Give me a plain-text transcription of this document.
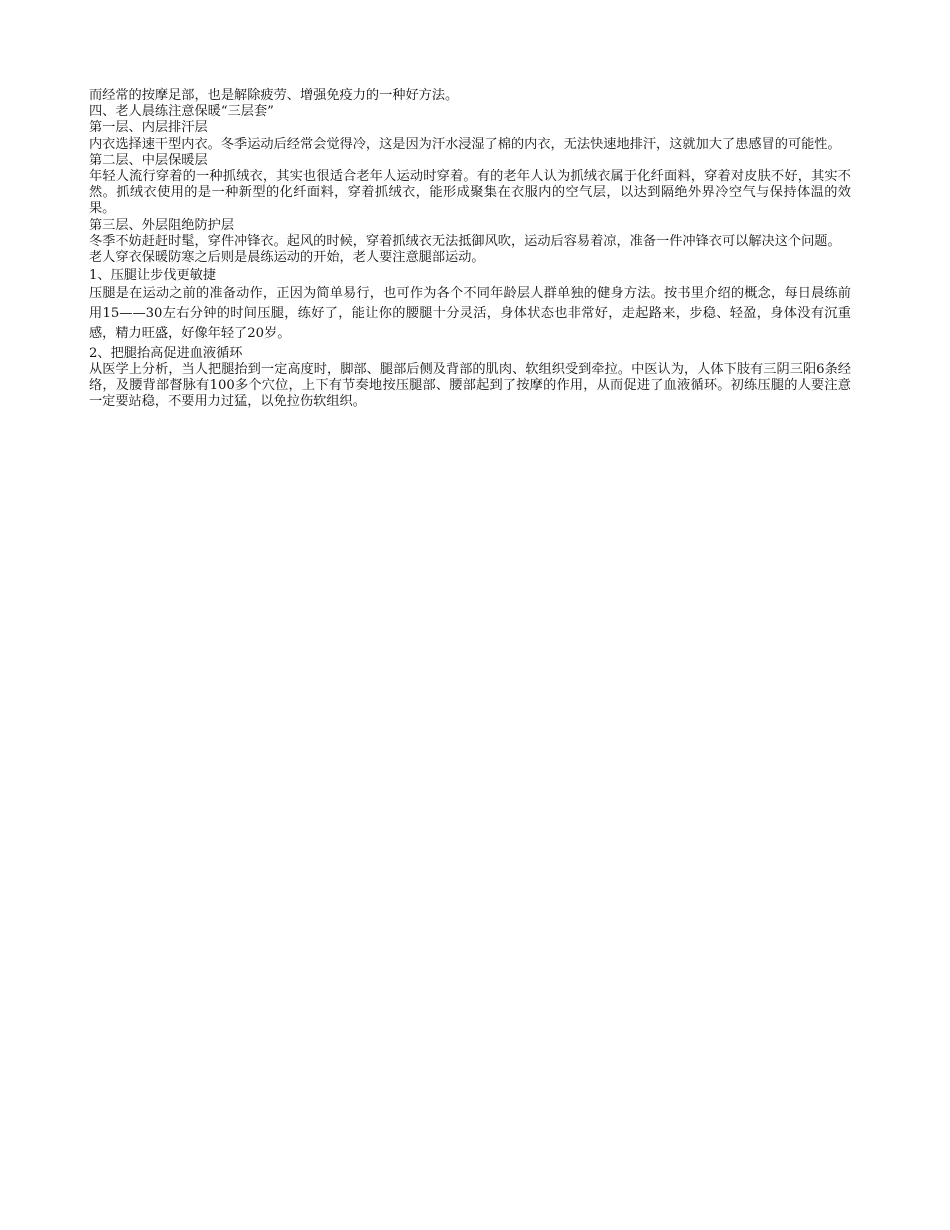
而经常的按摩足部，也是解除疲劳、增强免疫力的一种好方法。

四、老人晨练注意保暖“三层套”

第一层、内层排汗层

内衣选择速干型内衣。冬季运动后经常会觉得冷，这是因为汗水浸湿了棉的内衣，无法快速地排汗，这就加大了患感冒的可能性。

第二层、中层保暖层

年轻人流行穿着的一种抓绒衣，其实也很适合老年人运动时穿着。有的老年人认为抓绒衣属于化纤面料，穿着对皮肤不好，其实不然。抓绒衣使用的是一种新型的化纤面料，穿着抓绒衣，能形成聚集在衣服内的空气层，以达到隔绝外界冷空气与保持体温的效果。

第三层、外层阻绝防护层

冬季不妨赶赶时髦，穿件冲锋衣。起风的时候，穿着抓绒衣无法抵御风吹，运动后容易着凉，准备一件冲锋衣可以解决这个问题。

老人穿衣保暖防寒之后则是晨练运动的开始，老人要注意腿部运动。

1、压腿让步伐更敏捷

压腿是在运动之前的准备动作，正因为简单易行，也可作为各个不同年龄层人群单独的健身方法。按书里介绍的概念，每日晨练前用15——30左右分钟的时间压腿，练好了，能让你的腰腿十分灵活，身体状态也非常好，走起路来，步稳、轻盈，身体没有沉重感，精力旺盛，好像年轻了20岁。

2、把腿抬高促进血液循环

从医学上分析，当人把腿抬到一定高度时，脚部、腿部后侧及背部的肌肉、软组织受到牵拉。中医认为，人体下肢有三阴三阳6条经络，及腰背部督脉有100多个穴位，上下有节奏地按压腿部、腰部起到了按摩的作用，从而促进了血液循环。初练压腿的人要注意一定要站稳，不要用力过猛，以免拉伤软组织。
